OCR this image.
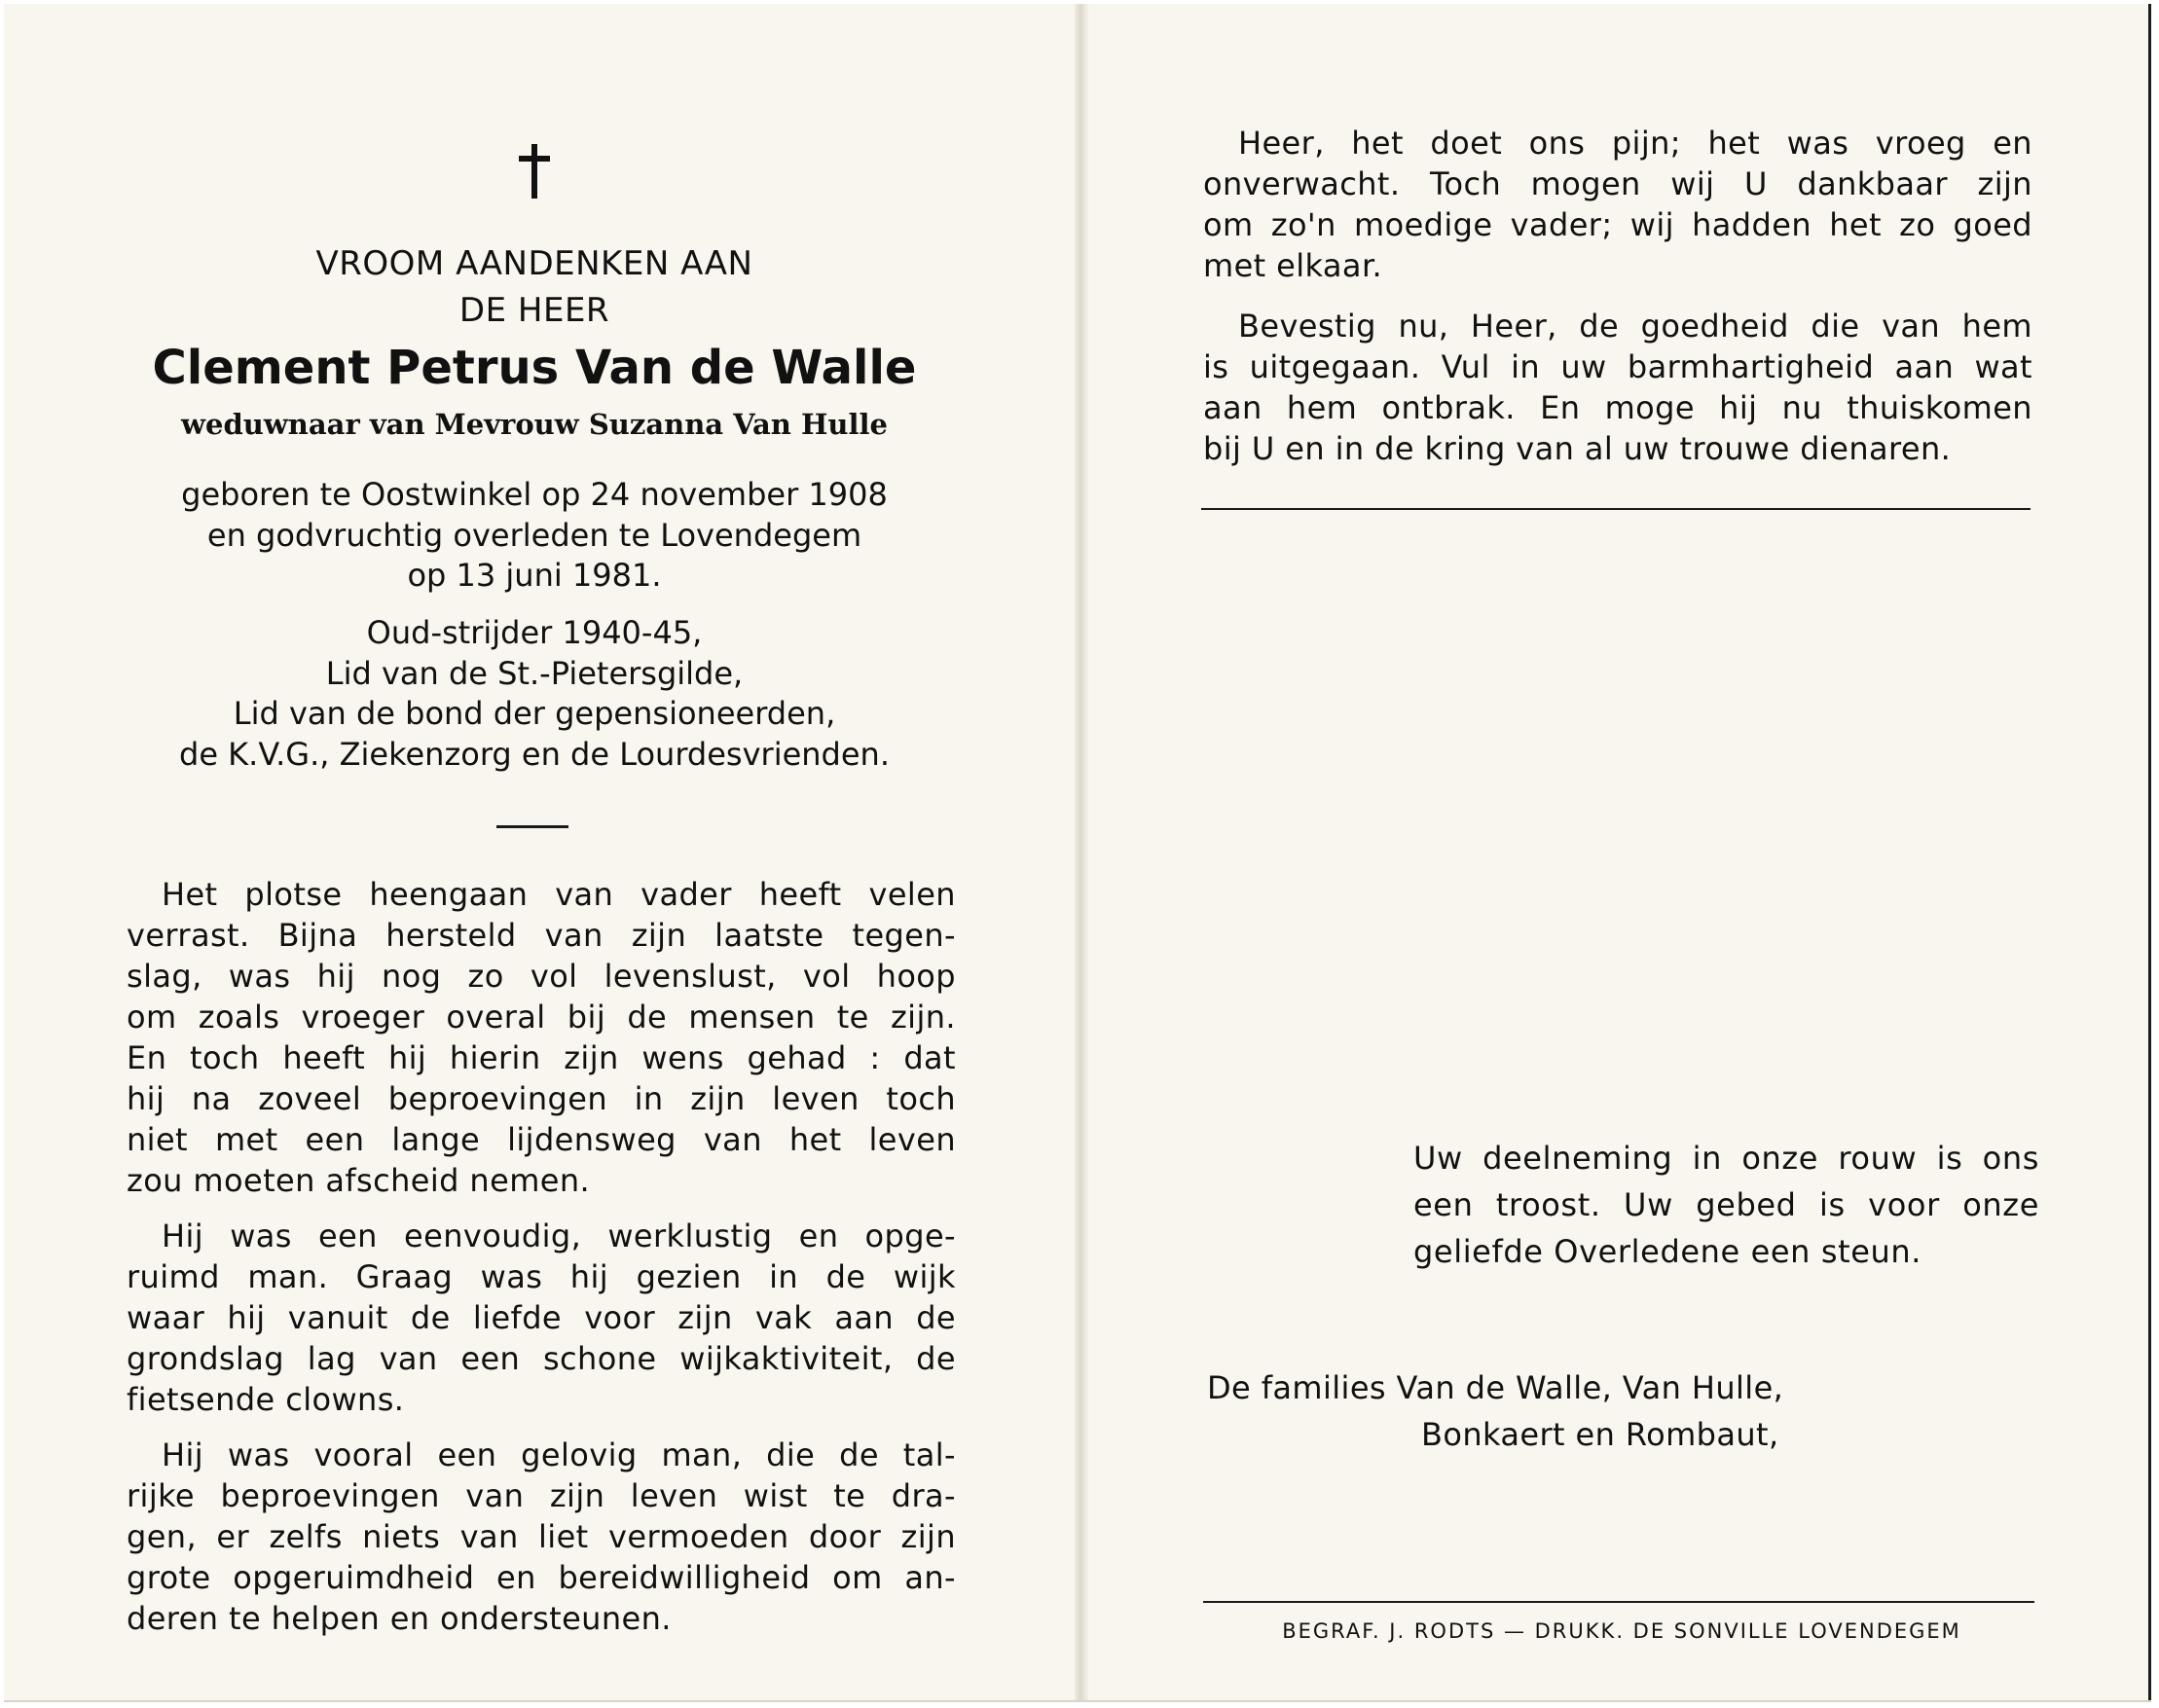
VROOM AANDENKEN AAN

DE HEER

Clement Petrus Van de Walle

weduwnaar van Mevrouw Suzanna Van Hulle

geboren te Oostwinkel op 24 november 1908
en godvruchtig overleden te Lovendegem
op 13 juni 1981.
Oud-strijder 1940-45,
Lid van de St.-Pietersgilde,
Lid van de bond der gepensioneerden,
de K.V.G., Ziekenzorg en de Lourdesvrienden.
Het plotse heengaan van vader heeft velen
verrast. Bijna hersteld van zijn laatste tegen-
slag, was hij nog zo vol levenslust, vol hoop
om zoals vroeger overal bij de mensen te zijn.
En toch heeft hij hierin zijn wens gehad : dat
hij na zoveel beproevingen in zijn leven toch
niet met een lange lijdensweg van het leven
zou moeten afscheid nemen.
Hij was een eenvoudig, werklustig en opge-
ruimd man. Graag was hij gezien in de wijk
waar hij vanuit de liefde voor zijn vak aan de
grondslag lag van een schone wijkaktiviteit, de
fietsende clowns.
Hij was vooral een gelovig man, die de tal-
rijke beproevingen van zijn leven wist te dra-
gen, er zelfs niets van liet vermoeden door zijn
grote opgeruimdheid en bereidwilligheid om an-
deren te helpen en ondersteunen.
Heer, het doet ons pijn; het was vroeg en
onverwacht. Toch mogen wij U dankbaar zijn
om zo'n moedige vader; wij hadden het zo goed
met elkaar.
Bevestig nu, Heer, de goedheid die van hem
is uitgegaan. Vul in uw barmhartigheid aan wat
aan hem ontbrak. En moge hij nu thuiskomen
bij U en in de kring van al uw trouwe dienaren.
Uw deelneming in onze rouw is ons
een troost. Uw gebed is voor onze
geliefde Overledene een steun.

De families Van de Walle, Van Hulle,

Bonkaert en Rombaut,

BEGRAF. J. RODTS — DRUKK. DE SONVILLE LOVENDEGEM
